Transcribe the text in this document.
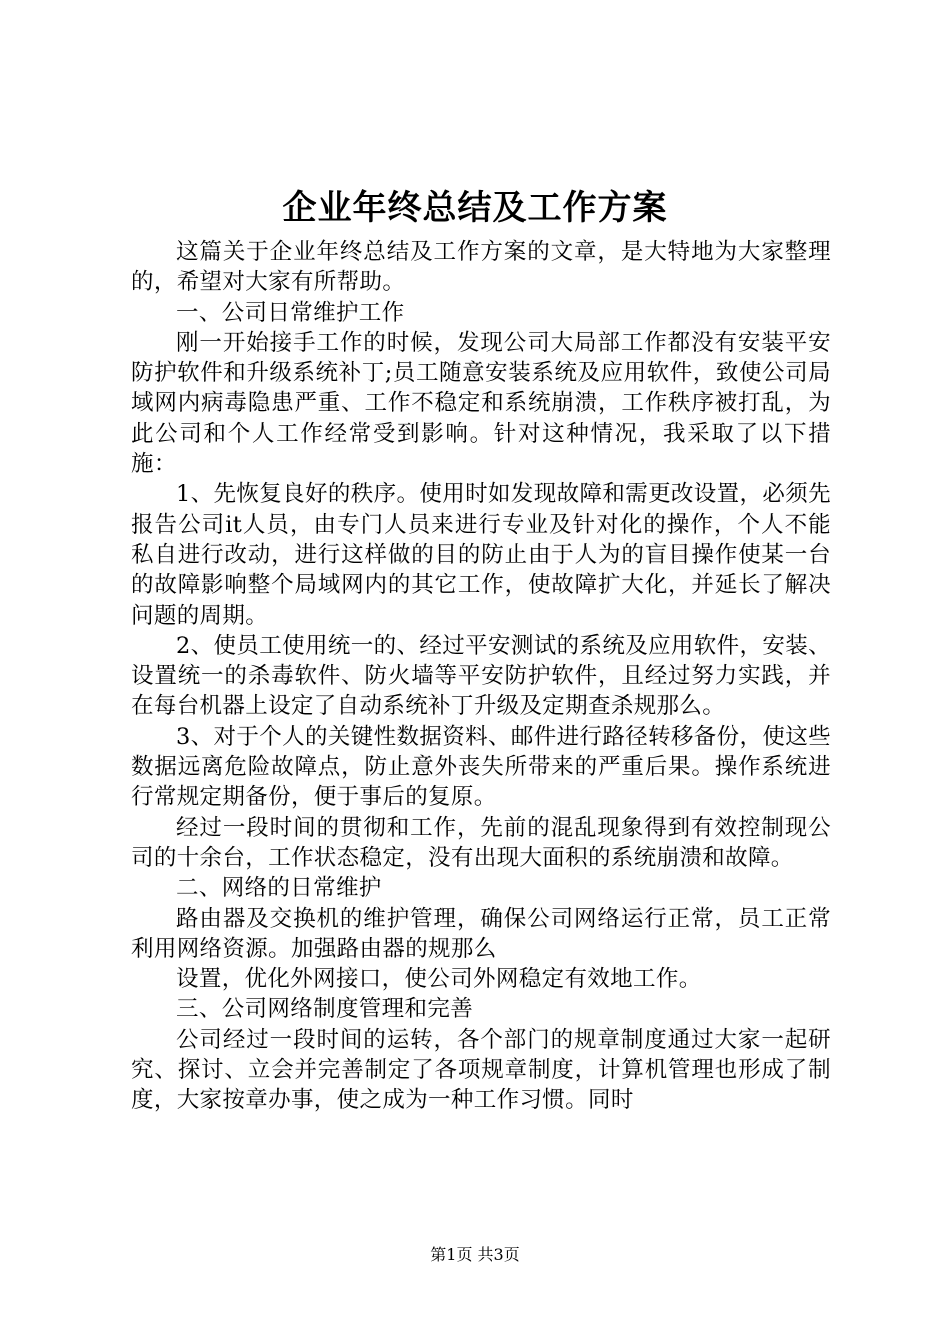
企业年终总结及工作方案

这篇关于企业年终总结及工作方案的文章，是大特地为大家整理的，希望对大家有所帮助。

一、公司日常维护工作

刚一开始接手工作的时候，发现公司大局部工作都没有安装平安防护软件和升级系统补丁;员工随意安装系统及应用软件，致使公司局域网内病毒隐患严重、工作不稳定和系统崩溃，工作秩序被打乱，为此公司和个人工作经常受到影响。针对这种情况，我采取了以下措施：

1、先恢复良好的秩序。使用时如发现故障和需更改设置，必须先报告公司it人员，由专门人员来进行专业及针对化的操作，个人不能私自进行改动，进行这样做的目的防止由于人为的盲目操作使某一台的故障影响整个局域网内的其它工作，使故障扩大化，并延长了解决问题的周期。

2、使员工使用统一的、经过平安测试的系统及应用软件，安装、设置统一的杀毒软件、防火墙等平安防护软件，且经过努力实践，并在每台机器上设定了自动系统补丁升级及定期查杀规那么。

3、对于个人的关键性数据资料、邮件进行路径转移备份，使这些数据远离危险故障点，防止意外丧失所带来的严重后果。操作系统进行常规定期备份，便于事后的复原。

经过一段时间的贯彻和工作，先前的混乱现象得到有效控制现公司的十余台，工作状态稳定，没有出现大面积的系统崩溃和故障。

二、网络的日常维护

路由器及交换机的维护管理，确保公司网络运行正常，员工正常利用网络资源。加强路由器的规那么

设置，优化外网接口，使公司外网稳定有效地工作。

三、公司网络制度管理和完善

公司经过一段时间的运转，各个部门的规章制度通过大家一起研究、探讨、立会并完善制定了各项规章制度，计算机管理也形成了制度，大家按章办事，使之成为一种工作习惯。同时

第1页 共3页
